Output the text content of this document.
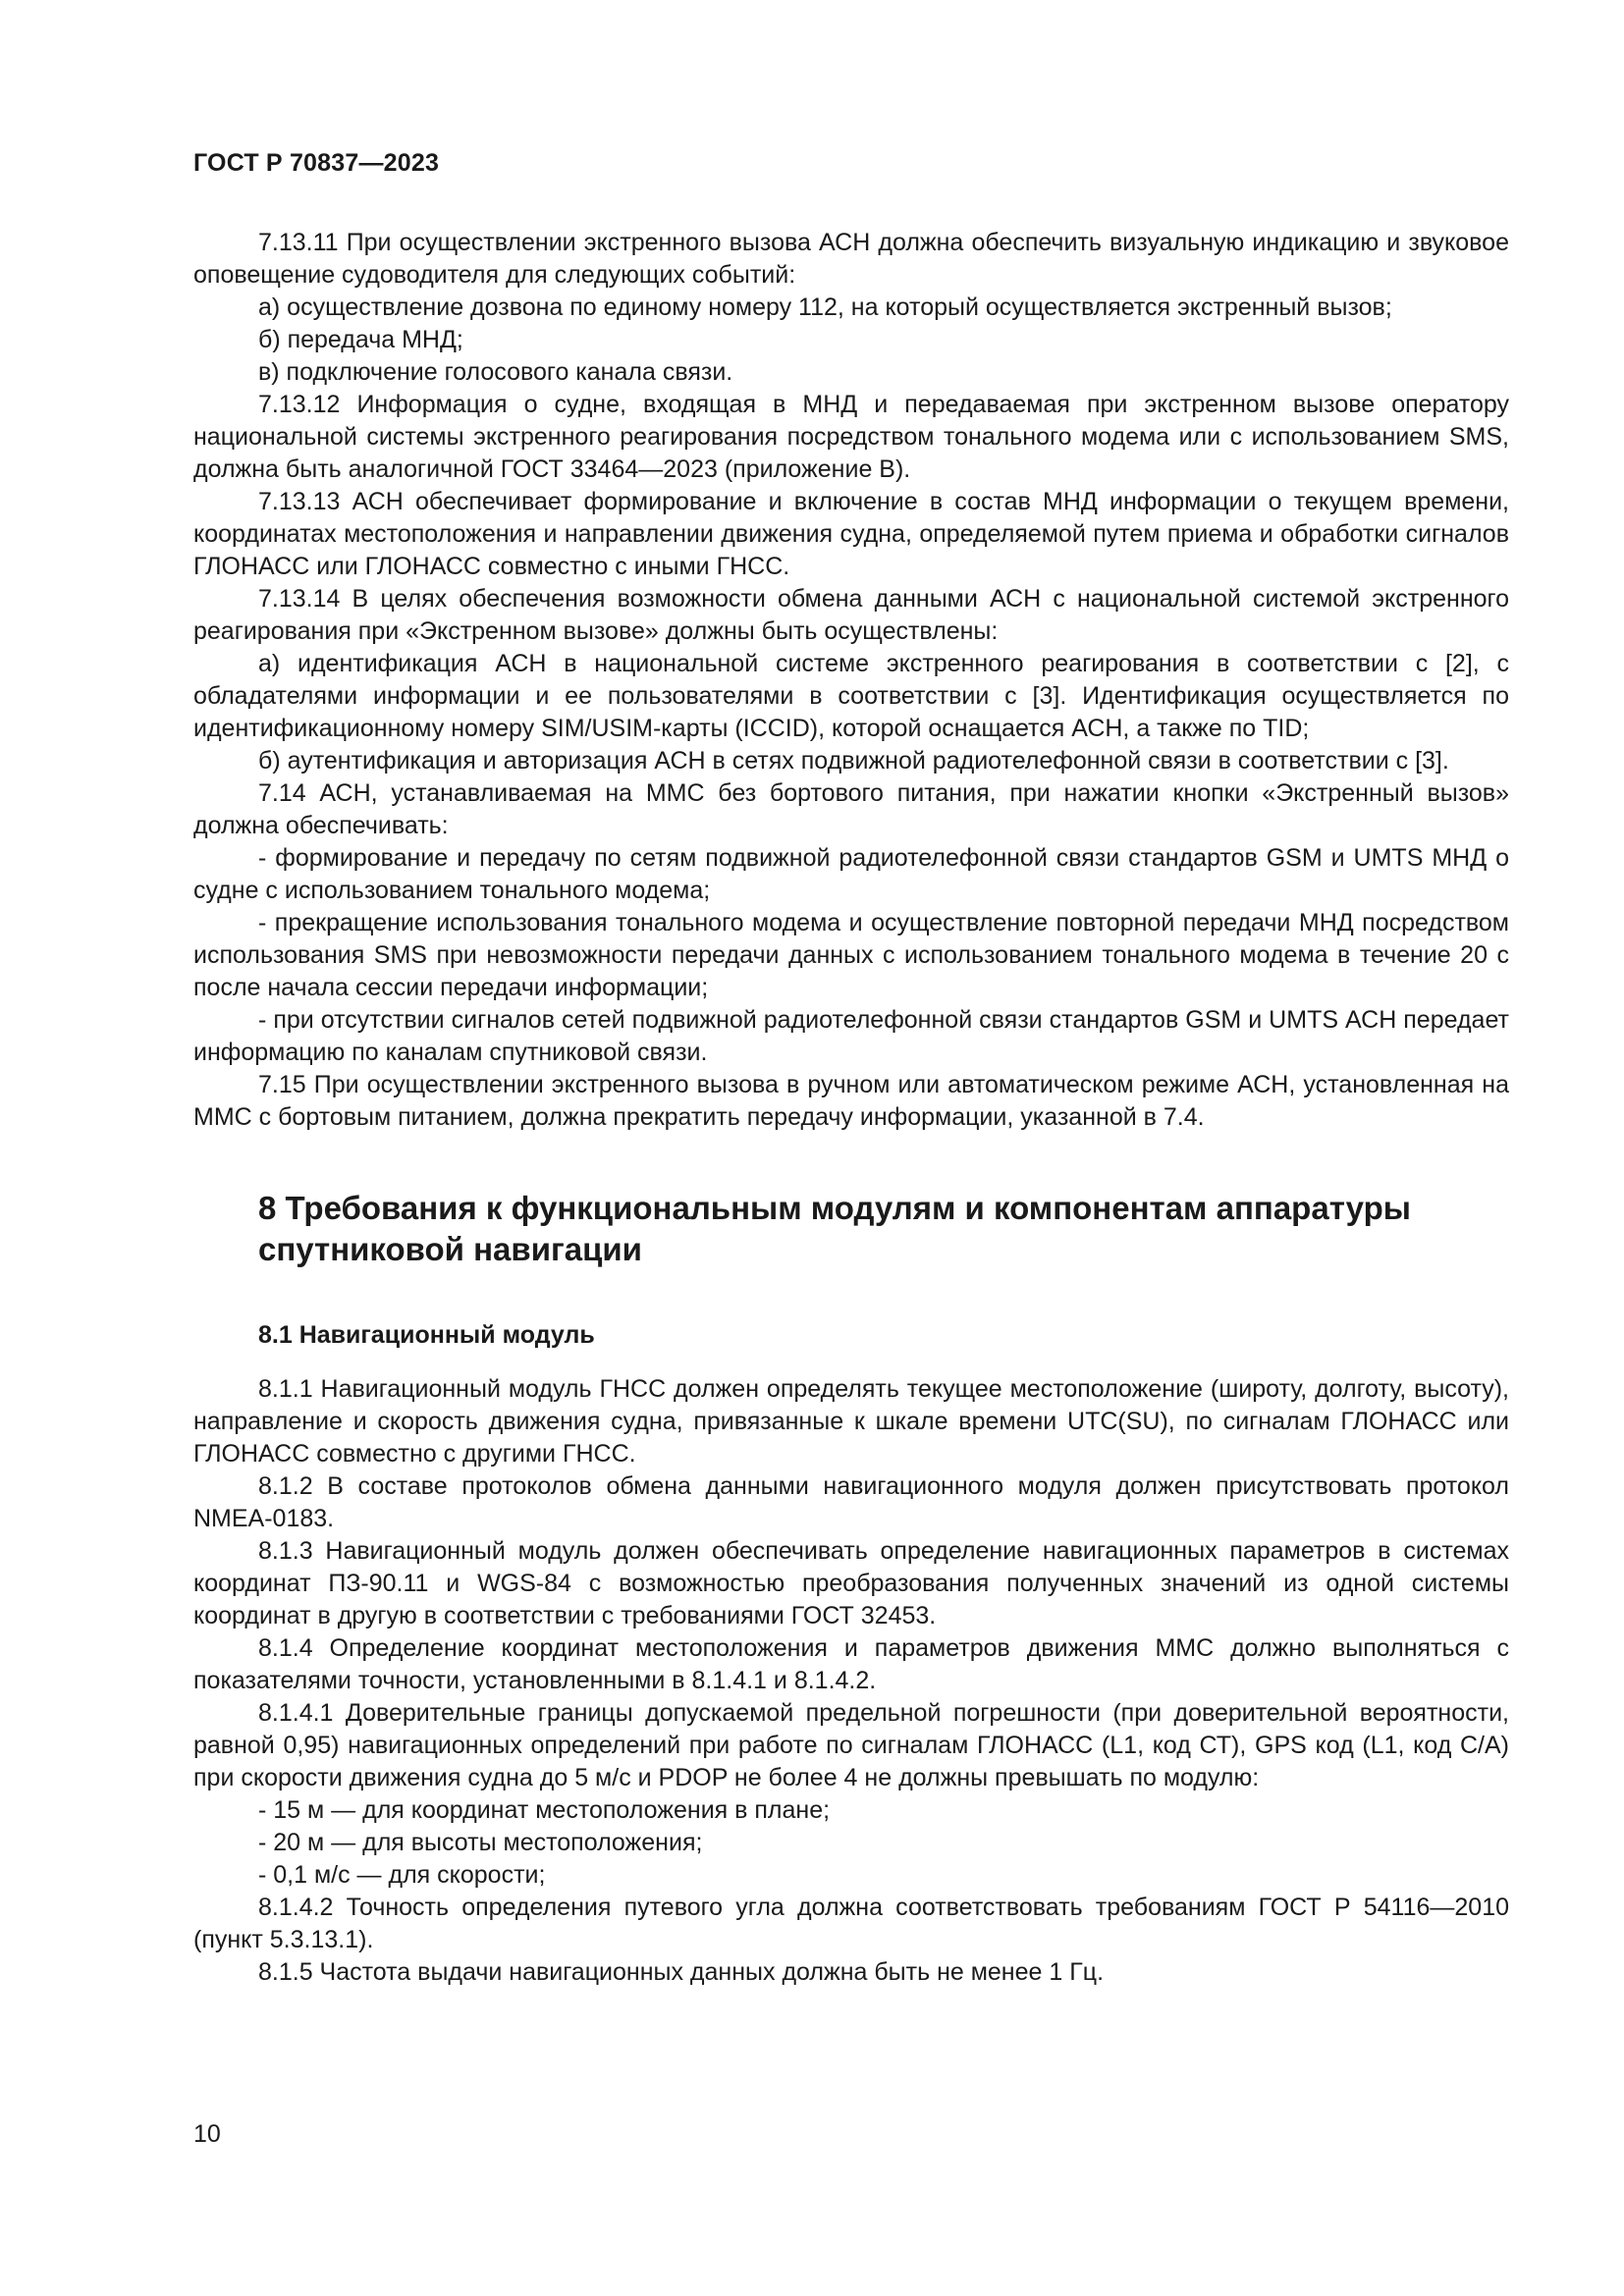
ГОСТ Р 70837—2023

7.13.11 При осуществлении экстренного вызова АСН должна обеспечить визуальную индикацию и звуковое оповещение судоводителя для следующих событий:

а) осуществление дозвона по единому номеру 112, на который осуществляется экстренный вызов;

б) передача МНД;

в) подключение голосового канала связи.

7.13.12 Информация о судне, входящая в МНД и передаваемая при экстренном вызове оператору национальной системы экстренного реагирования посредством тонального модема или с использованием SMS, должна быть аналогичной ГОСТ 33464—2023 (приложение В).

7.13.13 АСН обеспечивает формирование и включение в состав МНД информации о текущем времени, координатах местоположения и направлении движения судна, определяемой путем приема и обработки сигналов ГЛОНАСС или ГЛОНАСС совместно с иными ГНСС.

7.13.14 В целях обеспечения возможности обмена данными АСН с национальной системой экстренного реагирования при «Экстренном вызове» должны быть осуществлены:

а) идентификация АСН в национальной системе экстренного реагирования в соответствии с [2], с обладателями информации и ее пользователями в соответствии с [3]. Идентификация осуществляется по идентификационному номеру SIM/USIM-карты (ICCID), которой оснащается АСН, а также по TID;

б) аутентификация и авторизация АСН в сетях подвижной радиотелефонной связи в соответствии с [3].

7.14 АСН, устанавливаемая на ММС без бортового питания, при нажатии кнопки «Экстренный вызов» должна обеспечивать:

- формирование и передачу по сетям подвижной радиотелефонной связи стандартов GSM и UMTS МНД о судне с использованием тонального модема;

- прекращение использования тонального модема и осуществление повторной передачи МНД посредством использования SMS при невозможности передачи данных с использованием тонального модема в течение 20 с после начала сессии передачи информации;

- при отсутствии сигналов сетей подвижной радиотелефонной связи стандартов GSM и UMTS АСН передает информацию по каналам спутниковой связи.

7.15 При осуществлении экстренного вызова в ручном или автоматическом режиме АСН, установленная на ММС с бортовым питанием, должна прекратить передачу информации, указанной в 7.4.

8 Требования к функциональным модулям и компонентам аппаратуры спутниковой навигации
8.1 Навигационный модуль

8.1.1 Навигационный модуль ГНСС должен определять текущее местоположение (широту, долготу, высоту), направление и скорость движения судна, привязанные к шкале времени UTC(SU), по сигналам ГЛОНАСС или ГЛОНАСС совместно с другими ГНСС.

8.1.2 В составе протоколов обмена данными навигационного модуля должен присутствовать протокол NMEA-0183.

8.1.3 Навигационный модуль должен обеспечивать определение навигационных параметров в системах координат ПЗ-90.11 и WGS-84 с возможностью преобразования полученных значений из одной системы координат в другую в соответствии с требованиями ГОСТ 32453.

8.1.4 Определение координат местоположения и параметров движения ММС должно выполняться с показателями точности, установленными в 8.1.4.1 и 8.1.4.2.

8.1.4.1 Доверительные границы допускаемой предельной погрешности (при доверительной вероятности, равной 0,95) навигационных определений при работе по сигналам ГЛОНАСС (L1, код СТ), GPS код (L1, код С/А) при скорости движения судна до 5 м/с и PDOP не более 4 не должны превышать по модулю:

- 15 м — для координат местоположения в плане;

- 20 м — для высоты местоположения;

- 0,1 м/с — для скорости;

8.1.4.2 Точность определения путевого угла должна соответствовать требованиям ГОСТ Р 54116—2010 (пункт 5.3.13.1).

8.1.5 Частота выдачи навигационных данных должна быть не менее 1 Гц.

10
